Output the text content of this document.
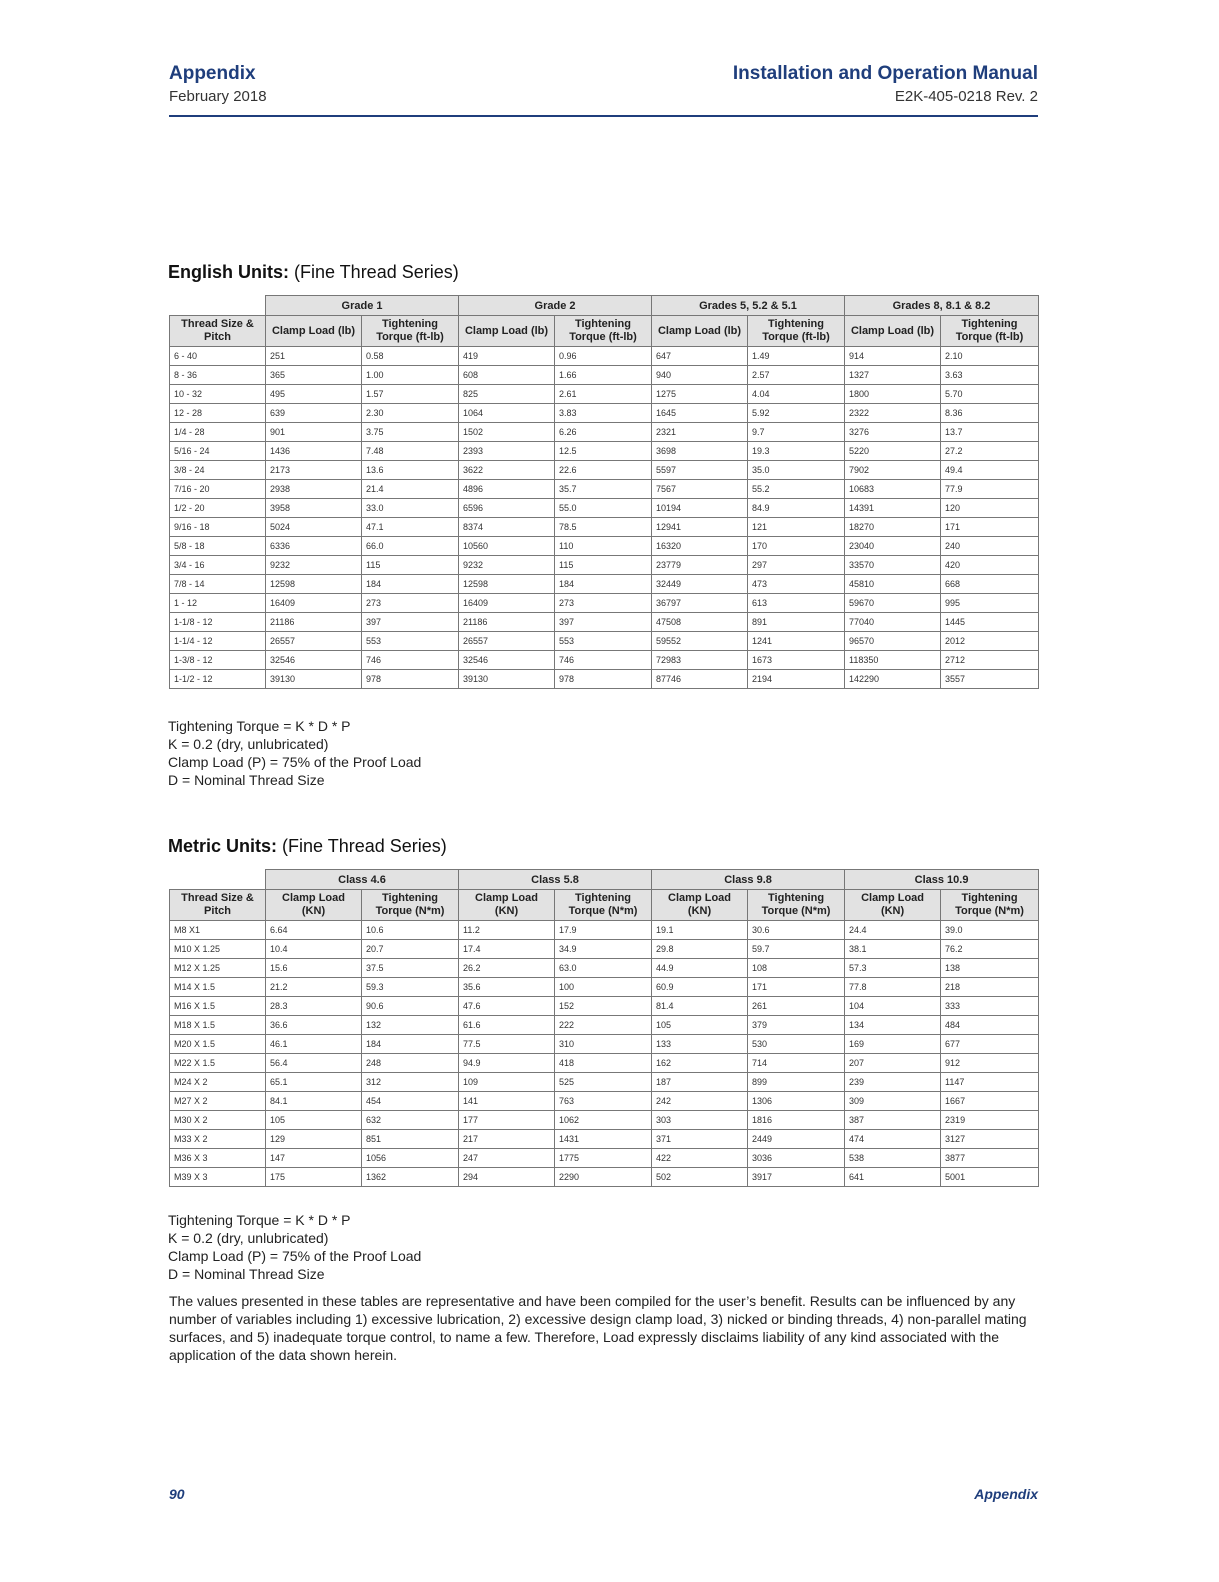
Appendix
February 2018
Installation and Operation Manual
E2K-405-0218 Rev. 2
English Units: (Fine Thread Series)
	Grade 1		Grade 2		Grades 5, 5.2 & 5.1		Grades 8, 8.1 & 8.2	
Thread Size & Pitch	Clamp Load (lb)	Tightening Torque (ft-lb)	Clamp Load (lb)	Tightening Torque (ft-lb)	Clamp Load (lb)	Tightening Torque (ft-lb)	Clamp Load (lb)	Tightening Torque (ft-lb)
6 - 40	251	0.58	419	0.96	647	1.49	914	2.10
8 - 36	365	1.00	608	1.66	940	2.57	1327	3.63
10 - 32	495	1.57	825	2.61	1275	4.04	1800	5.70
12 - 28	639	2.30	1064	3.83	1645	5.92	2322	8.36
1/4 - 28	901	3.75	1502	6.26	2321	9.7	3276	13.7
5/16 - 24	1436	7.48	2393	12.5	3698	19.3	5220	27.2
3/8 - 24	2173	13.6	3622	22.6	5597	35.0	7902	49.4
7/16 - 20	2938	21.4	4896	35.7	7567	55.2	10683	77.9
1/2 - 20	3958	33.0	6596	55.0	10194	84.9	14391	120
9/16 - 18	5024	47.1	8374	78.5	12941	121	18270	171
5/8 - 18	6336	66.0	10560	110	16320	170	23040	240
3/4 - 16	9232	115	9232	115	23779	297	33570	420
7/8 - 14	12598	184	12598	184	32449	473	45810	668
1 - 12	16409	273	16409	273	36797	613	59670	995
1-1/8 - 12	21186	397	21186	397	47508	891	77040	1445
1-1/4 - 12	26557	553	26557	553	59552	1241	96570	2012
1-3/8 - 12	32546	746	32546	746	72983	1673	118350	2712
1-1/2 - 12	39130	978	39130	978	87746	2194	142290	3557
Tightening Torque = K * D * P
K = 0.2 (dry, unlubricated)
Clamp Load (P) = 75% of the Proof Load
D = Nominal Thread Size
Metric Units: (Fine Thread Series)
	Class 4.6		Class 5.8		Class 9.8		Class 10.9	
Thread Size & Pitch	Clamp Load (KN)	Tightening Torque (N*m)	Clamp Load (KN)	Tightening Torque (N*m)	Clamp Load (KN)	Tightening Torque (N*m)	Clamp Load (KN)	Tightening Torque (N*m)
M8 X1	6.64	10.6	11.2	17.9	19.1	30.6	24.4	39.0
M10 X 1.25	10.4	20.7	17.4	34.9	29.8	59.7	38.1	76.2
M12 X 1.25	15.6	37.5	26.2	63.0	44.9	108	57.3	138
M14 X 1.5	21.2	59.3	35.6	100	60.9	171	77.8	218
M16 X 1.5	28.3	90.6	47.6	152	81.4	261	104	333
M18 X 1.5	36.6	132	61.6	222	105	379	134	484
M20 X 1.5	46.1	184	77.5	310	133	530	169	677
M22 X 1.5	56.4	248	94.9	418	162	714	207	912
M24 X 2	65.1	312	109	525	187	899	239	1147
M27 X 2	84.1	454	141	763	242	1306	309	1667
M30 X 2	105	632	177	1062	303	1816	387	2319
M33 X 2	129	851	217	1431	371	2449	474	3127
M36 X 3	147	1056	247	1775	422	3036	538	3877
M39 X 3	175	1362	294	2290	502	3917	641	5001
Tightening Torque = K * D * P
K = 0.2 (dry, unlubricated)
Clamp Load (P) = 75% of the Proof Load
D = Nominal Thread Size
The values presented in these tables are representative and have been compiled for the user’s benefit. Results can be influenced by any number of variables including 1) excessive lubrication, 2) excessive design clamp load, 3) nicked or binding threads, 4) non-parallel mating surfaces, and 5) inadequate torque control, to name a few. Therefore, Load expressly disclaims liability of any kind associated with the application of the data shown herein.
90	Appendix
